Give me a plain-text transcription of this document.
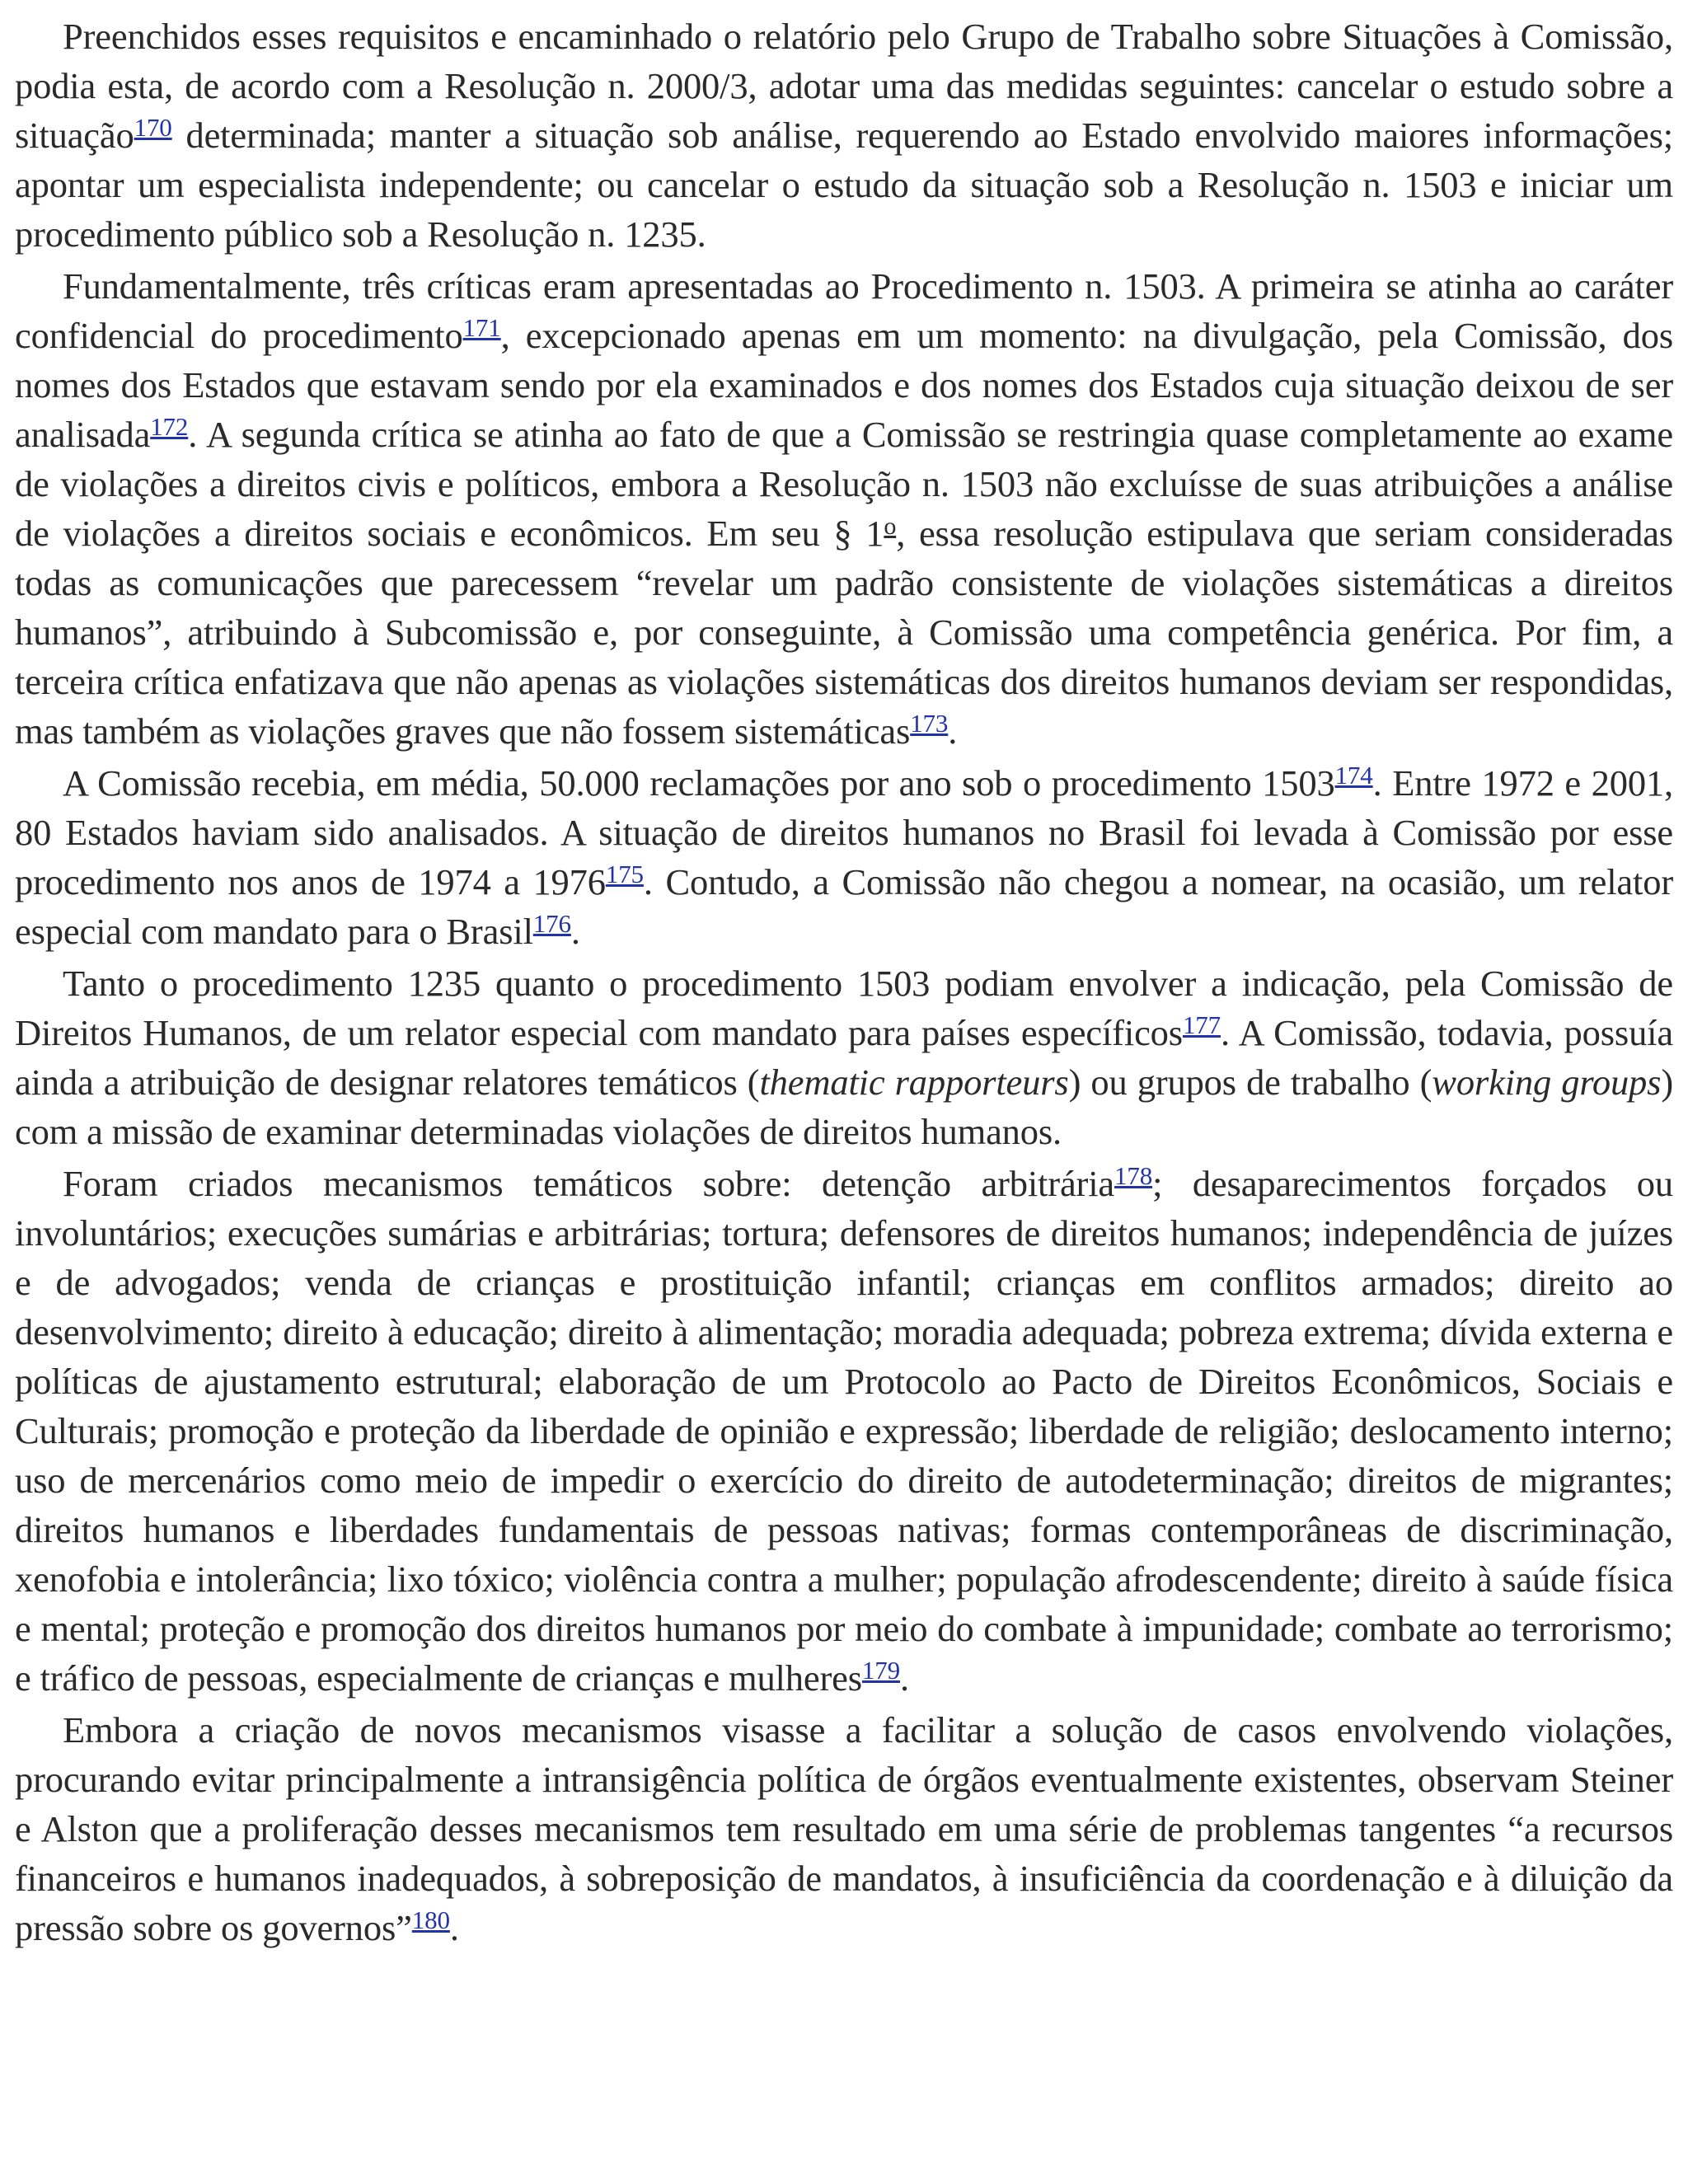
Preenchidos esses requisitos e encaminhado o relatório pelo Grupo de Trabalho sobre Situações à Comissão, podia esta, de acordo com a Resolução n. 2000/3, adotar uma das medidas seguintes: cancelar o estudo sobre a situação$^{170}$ determinada; manter a situação sob análise, requerendo ao Estado envolvido maiores informações; apontar um especialista independente; ou cancelar o estudo da situação sob a Resolução n. 1503 e iniciar um procedimento público sob a Resolução n. 1235.

Fundamentalmente, três críticas eram apresentadas ao Procedimento n. 1503. A primeira se atinha ao caráter confidencial do procedimento$^{171}$, excepcionado apenas em um momento: na divulgação, pela Comissão, dos nomes dos Estados que estavam sendo por ela examinados e dos nomes dos Estados cuja situação deixou de ser analisada$^{172}$. A segunda crítica se atinha ao fato de que a Comissão se restringia quase completamente ao exame de violações a direitos civis e políticos, embora a Resolução n. 1503 não excluísse de suas atribuições a análise de violações a direitos sociais e econômicos. Em seu § 1$^o$, essa resolução estipulava que seriam consideradas todas as comunicações que parecessem “revelar um padrão consistente de violações sistemáticas a direitos humanos”, atribuindo à Subcomissão e, por conseguinte, à Comissão uma competência genérica. Por fim, a terceira crítica enfatizava que não apenas as violações sistemáticas dos direitos humanos deviam ser respondidas, mas também as violações graves que não fossem sistemáticas$^{173}$.

A Comissão recebia, em média, 50.000 reclamações por ano sob o procedimento 1503$^{174}$. Entre 1972 e 2001, 80 Estados haviam sido analisados. A situação de direitos humanos no Brasil foi levada à Comissão por esse procedimento nos anos de 1974 a 1976$^{175}$. Contudo, a Comissão não chegou a nomear, na ocasião, um relator especial com mandato para o Brasil$^{176}$.

Tanto o procedimento 1235 quanto o procedimento 1503 podiam envolver a indicação, pela Comissão de Direitos Humanos, de um relator especial com mandato para países específicos$^{177}$. A Comissão, todavia, possuía ainda a atribuição de designar relatores temáticos (thematic rapporteurs) ou grupos de trabalho (working groups) com a missão de examinar determinadas violações de direitos humanos.

Foram criados mecanismos temáticos sobre: detenção arbitrária$^{178}$; desaparecimentos forçados ou involuntários; execuções sumárias e arbitrárias; tortura; defensores de direitos humanos; independência de juízes e de advogados; venda de crianças e prostituição infantil; crianças em conflitos armados; direito ao desenvolvimento; direito à educação; direito à alimentação; moradia adequada; pobreza extrema; dívida externa e políticas de ajustamento estrutural; elaboração de um Protocolo ao Pacto de Direitos Econômicos, Sociais e Culturais; promoção e proteção da liberdade de opinião e expressão; liberdade de religião; deslocamento interno; uso de mercenários como meio de impedir o exercício do direito de autodeterminação; direitos de migrantes; direitos humanos e liberdades fundamentais de pessoas nativas; formas contemporâneas de discriminação, xenofobia e intolerância; lixo tóxico; violência contra a mulher; população afrodescendente; direito à saúde física e mental; proteção e promoção dos direitos humanos por meio do combate à impunidade; combate ao terrorismo; e tráfico de pessoas, especialmente de crianças e mulheres$^{179}$.

Embora a criação de novos mecanismos visasse a facilitar a solução de casos envolvendo violações, procurando evitar principalmente a intransigência política de órgãos eventualmente existentes, observam Steiner e Alston que a proliferação desses mecanismos tem resultado em uma série de problemas tangentes “a recursos financeiros e humanos inadequados, à sobreposição de mandatos, à insuficiência da coordenação e à diluição da pressão sobre os governos”$^{180}$.
